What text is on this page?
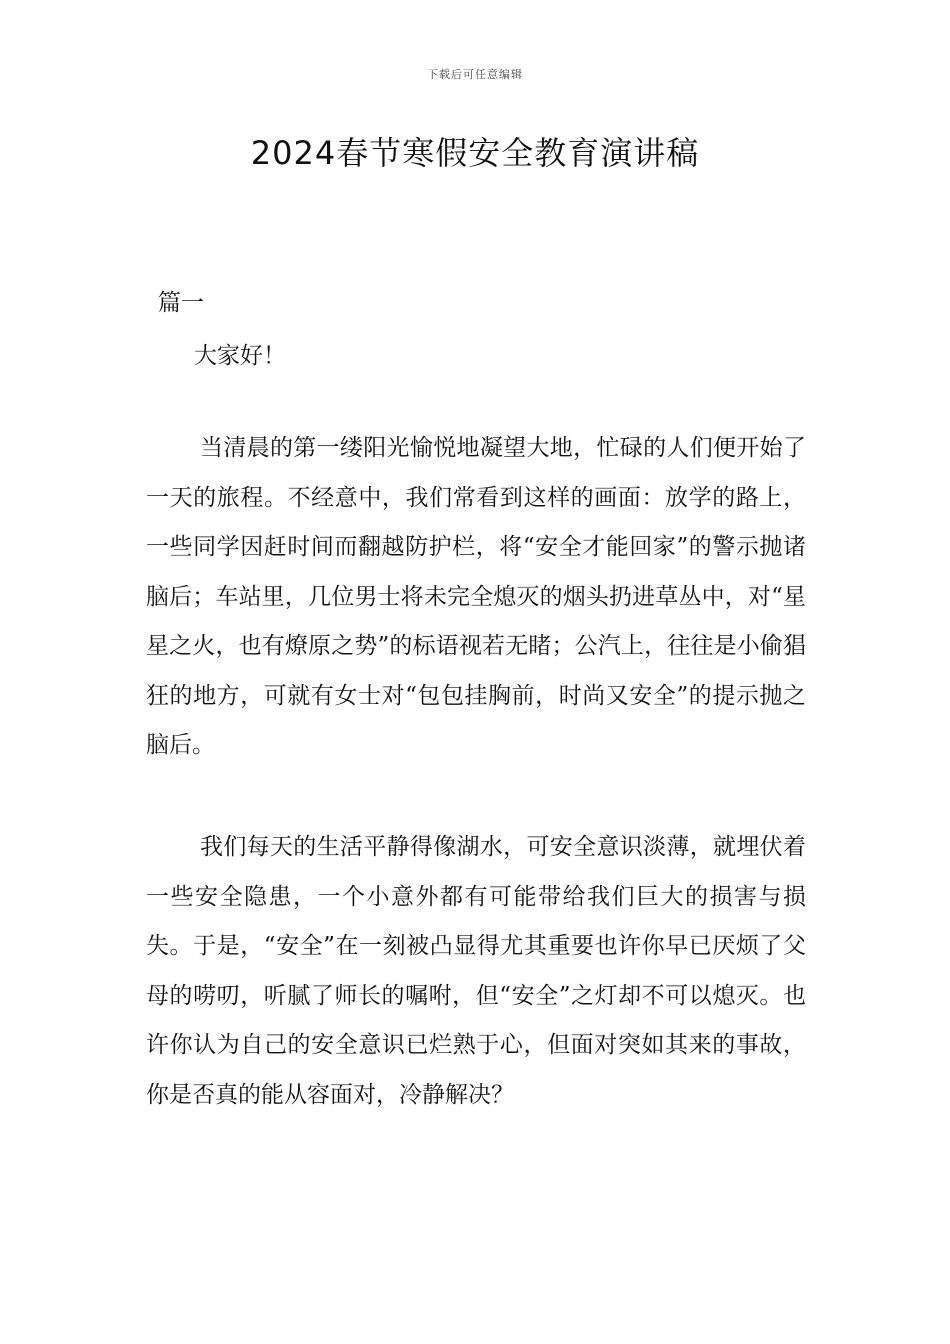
下载后可任意编辑
2024春节寒假安全教育演讲稿
篇一
大家好！

当清晨的第一缕阳光愉悦地凝望大地，忙碌的人们便开始了一天的旅程。不经意中，我们常看到这样的画面：放学的路上，一些同学因赶时间而翻越防护栏，将“安全才能回家”的警示抛诸脑后；车站里，几位男士将未完全熄灭的烟头扔进草丛中，对“星星之火，也有燎原之势”的标语视若无睹；公汽上，往往是小偷猖狂的地方，可就有女士对“包包挂胸前，时尚又安全”的提示抛之脑后。

我们每天的生活平静得像湖水，可安全意识淡薄，就埋伏着一些安全隐患，一个小意外都有可能带给我们巨大的损害与损失。于是，“安全”在一刻被凸显得尤其重要也许你早已厌烦了父母的唠叨，听腻了师长的嘱咐，但“安全”之灯却不可以熄灭。也许你认为自己的安全意识已烂熟于心，但面对突如其来的事故，你是否真的能从容面对，冷静解决？
